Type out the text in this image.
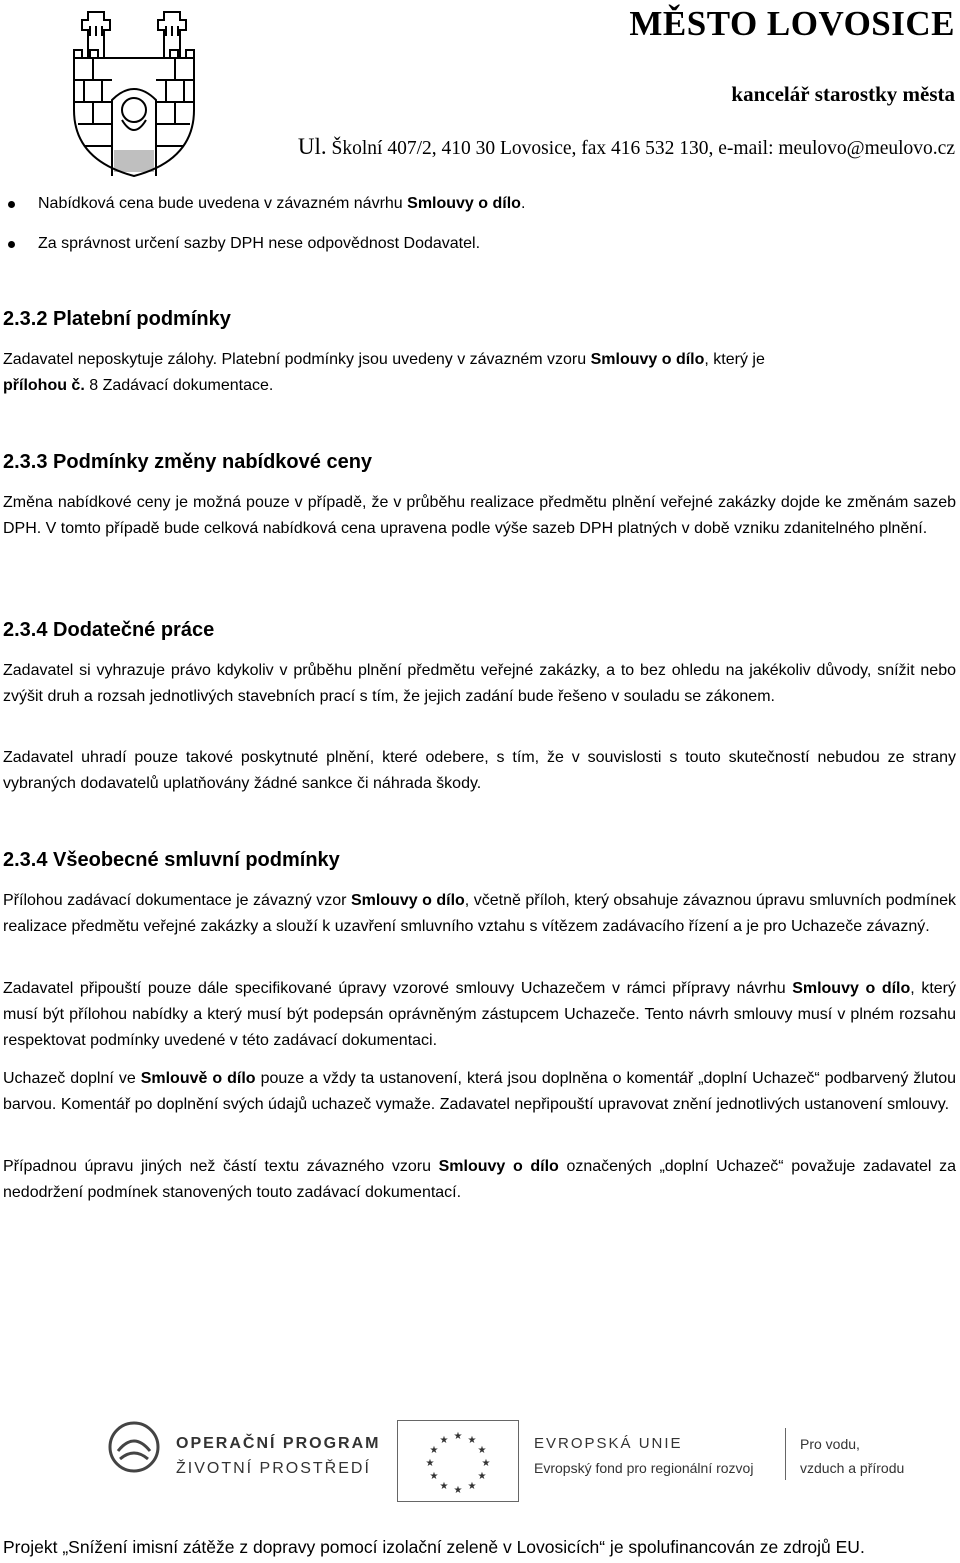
MĚSTO LOVOSICE
kancelář starostky města
Ul. Školní 407/2, 410 30 Lovosice, fax 416 532 130, e-mail: meulovo@meulovo.cz
Nabídková cena bude uvedena v závazném návrhu Smlouvy o dílo.
Za správnost určení sazby DPH nese odpovědnost Dodavatel.
2.3.2 Platební podmínky
Zadavatel neposkytuje zálohy. Platební podmínky jsou uvedeny v závazném vzoru Smlouvy o dílo, který je
přílohou č. 8 Zadávací dokumentace.
2.3.3 Podmínky změny nabídkové ceny
Změna nabídkové ceny je možná pouze v případě, že v průběhu realizace předmětu plnění veřejné zakázky dojde ke změnám sazeb DPH. V tomto případě bude celková nabídková cena upravena podle výše sazeb DPH platných v době vzniku zdanitelného plnění.
2.3.4 Dodatečné práce
Zadavatel si vyhrazuje právo kdykoliv v průběhu plnění předmětu veřejné zakázky, a to bez ohledu na jakékoliv důvody, snížit nebo zvýšit druh a rozsah jednotlivých stavebních prací s tím, že jejich zadání bude řešeno v souladu se zákonem.
Zadavatel uhradí pouze takové poskytnuté plnění, které odebere, s tím, že v souvislosti s touto skutečností nebudou ze strany vybraných dodavatelů uplatňovány žádné sankce či náhrada škody.
2.3.4 Všeobecné smluvní podmínky
Přílohou zadávací dokumentace je závazný vzor Smlouvy o dílo, včetně příloh, který obsahuje závaznou úpravu smluvních podmínek realizace předmětu veřejné zakázky a slouží k uzavření smluvního vztahu s vítězem zadávacího řízení a je pro Uchazeče závazný.
Zadavatel připouští pouze dále specifikované úpravy vzorové smlouvy Uchazečem v rámci přípravy návrhu Smlouvy o dílo, který musí být přílohou nabídky a který musí být podepsán oprávněným zástupcem Uchazeče. Tento návrh smlouvy musí v plném rozsahu respektovat podmínky uvedené v této zadávací dokumentaci.
Uchazeč doplní ve Smlouvě o dílo pouze a vždy ta ustanovení, která jsou doplněna o komentář „doplní Uchazeč“ podbarvený žlutou barvou. Komentář po doplnění svých údajů uchazeč vymaže. Zadavatel nepřipouští upravovat znění jednotlivých ustanovení smlouvy.
Případnou úpravu jiných než částí textu závazného vzoru Smlouvy o dílo označených „doplní Uchazeč“ považuje zadavatel za nedodržení podmínek stanovených touto zadávací dokumentací.
OPERAČNÍ PROGRAM
ŽIVOTNÍ PROSTŘEDÍ
★ ★
★
★
★
★
★
★
★
★
★
★	EVROPSKÁ UNIE
Evropský fond pro regionální rozvoj
Pro vodu,
vzduch a přírodu
Projekt „Snížení imisní zátěže z dopravy pomocí izolační zeleně v Lovosicích“ je spolufinancován ze zdrojů EU.
